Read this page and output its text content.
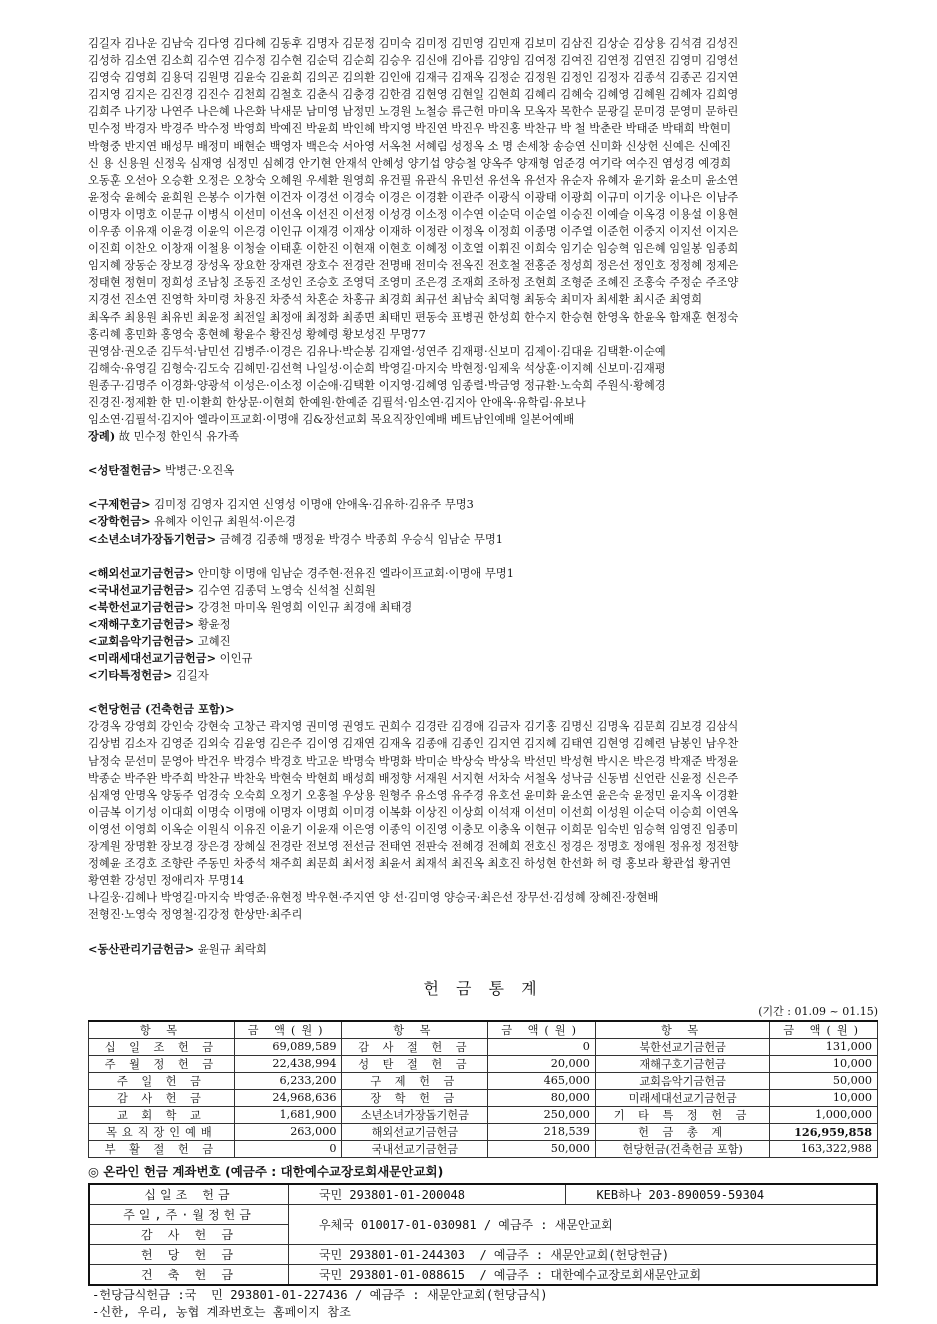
김길자 김나운 김남숙 김다영 김다혜 김동후 김명자 김문정 김미숙 김미정 김민영 김민재 김보미 김삼진 김상순 김상용 김석겸 김성진

김성하 김소연 김소희 김수연 김수정 김수현 김순덕 김순희 김승우 김신애 김아름 김양임 김여정 김여진 김연정 김연진 김영미 김영선

김영숙 김영희 김용덕 김원명 김윤숙 김윤희 김의곤 김의환 김인애 김재극 김재옥 김정순 김정원 김정인 김정자 김종석 김종곤 김지연

김지영 김지은 김진경 김진수 김천희 김철호 김춘식 김충경 김한겸 김현영 김현일 김현희 김혜리 김혜숙 김혜영 김혜원 김혜자 김희영

김희주 나기장 나연주 나은혜 나은화 낙새문 남미영 남정민 노경원 노철승 류근헌 마미옥 모옥자 목한수 문광길 문미경 문영미 문하린

민수정 박경자 박경주 박수정 박영희 박예진 박윤희 박인혜 박지영 박진연 박진우 박진홍 박찬규 박 철 박춘란 박태준 박태희 박현미

박형중 반지연 배성무 배정미 배현순 백영자 백은숙 서아영 서옥천 서혜림 성정옥 소 명 손세창 송승연 신미화 신상헌 신예은 신예진

신 용 신용원 신정욱 심재영 심정민 심혜경 안기현 안재석 안혜성 양기섭 양승철 양옥주 양재형 엄준경 여기락 여수진 염성경 예경희

오동훈 오선아 오승환 오정은 오창숙 오혜원 우세환 원영희 유건필 유관식 유민선 유선옥 유선자 유순자 유혜자 윤기화 윤소미 윤소연

윤정숙 윤혜숙 윤희원 은봉수 이가현 이건자 이경선 이경숙 이경은 이경환 이관주 이광식 이광태 이광희 이규미 이기웅 이나은 이남주

이명자 이명호 이문규 이병식 이선미 이선옥 이선진 이선정 이성경 이소정 이수연 이순덕 이순열 이승진 이예슬 이옥경 이용설 이용현

이우종 이유재 이윤경 이윤익 이은경 이인규 이재경 이재상 이재하 이정란 이정옥 이정희 이종명 이주열 이준헌 이중지 이지선 이지은

이진희 이찬오 이창재 이철용 이청술 이태훈 이한진 이현재 이현호 이혜정 이호열 이휘진 이희숙 임기순 임승혁 임은혜 임일봉 임종희

임지혜 장동순 장보경 장성옥 장요한 장재련 장호수 전경란 전명배 전미숙 전옥진 전호철 전홍준 정성희 정은선 정인호 정정혜 정제은

정태현 정현미 정희성 조남칭 조동진 조성인 조승호 조영덕 조영미 조은경 조재희 조하정 조현희 조형준 조혜진 조홍숙 주정순 주조양

지경선 진소연 진영학 차미령 차용진 차중석 차혼순 차홍규 최경희 최규선 최남숙 최덕형 최동숙 최미자 최세환 최시준 최영희

최옥주 최용원 최유빈 최윤정 최전일 최정애 최정화 최종면 최태민 편동숙 표병권 한성희 한수지 한승현 한영옥 한윤옥 함재훈 현정숙

홍리혜 홍민화 홍영숙 홍현혜 황윤수 황진성 황혜령 황보성진 무명77

권영삼·권오준 김두석·남민선 김병주·이경은 김유나·박순봉 김재열·성연주 김재평·신보미 김제이·김대윤 김택환·이순예

김해숙·유영길 김형숙·김도숙 김혜민·김선혁 나일성·이순희 박영길·마지숙 박현정·임제욱 석상훈·이지혜 신보미·김재평

원종구·김명주 이경화·양광석 이성은·이소정 이순애·김택환 이지영·김혜영 임종렬·박금영 정규환·노숙희 주원식·황혜경

진경진·정제환 한 민·이환희 한상문·이현희 한예원·한예준 김필석·임소연·김지아 안애옥·유학림·유보나

임소연·김필석·김지아 엘라이프교회·이명애 김&장선교회 목요직장인예배 베트남인예배 일본어예배

장례) 故 민수정 한인식 유가족

<성탄절헌금> 박병근·오진옥

<구제헌금> 김미정 김영자 김지연 신영성 이명애 안애옥·김유하·김유주 무명3

<장학헌금> 유혜자 이인규 최원석·이은경

<소년소녀가장돕기헌금> 금혜경 김종해 맹정윤 박경수 박종희 우승식 임남순 무명1

<해외선교기금헌금> 안미향 이명애 임남순 경주현·전유진 엘라이프교회·이명애 무명1

<국내선교기금헌금> 김수연 김종덕 노영숙 신석철 신희원

<북한선교기금헌금> 강경천 마미옥 원영희 이인규 최경애 최태경

<재해구호기금헌금> 황윤정

<교회음악기금헌금> 고혜진

<미래세대선교기금헌금> 이인규

<기타특정헌금> 김길자

<헌당헌금 (건축헌금 포함)>

강경옥 강영희 강인숙 강현숙 고창근 곽지영 권미영 권영도 권희수 김경란 김경애 김금자 김기홍 김명신 김명옥 김문희 김보경 김삼식

김상범 김소자 김영준 김외숙 김윤영 김은주 김이영 김재연 김재옥 김종애 김종인 김지연 김지혜 김태연 김현영 김혜련 남봉인 남우찬

남정숙 문선미 문영아 박건우 박경수 박경호 박고운 박명숙 박명화 박미순 박상숙 박상욱 박선민 박성현 박시온 박은경 박재준 박정윤

박종순 박주완 박주희 박찬규 박찬욱 박현숙 박현희 배성희 배정향 서재원 서지현 서차숙 서철옥 성낙금 신동범 신언란 신윤정 신은주

심재영 안명옥 양동주 엄경숙 오숙희 오정기 오홍철 우상용 원형주 유소영 유주경 유호선 윤미화 윤소연 윤은숙 윤정민 윤지옥 이경환

이금복 이기성 이대희 이명숙 이명애 이명자 이명희 이미경 이복화 이상진 이상희 이석재 이선미 이선희 이성원 이순덕 이승희 이연옥

이영선 이영희 이옥순 이원식 이유진 이윤기 이윤재 이은영 이종익 이진영 이충모 이충옥 이현규 이희문 임숙빈 임승혁 임영진 임종미

장계원 장명환 장보경 장은경 장혜실 전경란 전보영 전선금 전태연 전판숙 전혜경 전혜희 전호신 정경은 정명호 정애원 정유정 정전향

정혜윤 조경호 조향란 주동민 차중석 채주희 최문희 최서정 최윤서 최재석 최진옥 최호진 하성현 한선화 허 령 홍보라 황관섭 황귀연

황연환 강성민 정애리자 무명14

나길웅·김혜나 박영길·마지숙 박영준·유현정 박우현·주지연 양 선·김미영 양승국·최은선 장무선·김성혜 장혜진·장현배

전형진·노영숙 정영철·김강정 한상만·최주리

<동산관리기금헌금> 윤원규 최락희

헌 금 통 계
(기간 : 01.09 ~ 01.15)
항 목	금 액(원)	항 목	금 액(원)	항 목	금 액(원)
십 일 조 헌 금	69,089,589	감 사 절 헌 금	0	북한선교기금헌금	131,000
주 월 정 헌 금	22,438,994	성 탄 절 헌 금	20,000	재해구호기금헌금	10,000
주 일 헌 금	6,233,200	구 제 헌 금	465,000	교회음악기금헌금	50,000
감 사 헌 금	24,968,636	장 학 헌 금	80,000	미래세대선교기금헌금	10,000
교 회 학 교	1,681,900	소년소녀가장돕기헌금	250,000	기 타 특 정 헌 금	1,000,000
목요직장인예배	263,000	해외선교기금헌금	218,539	헌 금 총 계	126,959,858
부 활 절 헌 금	0	국내선교기금헌금	50,000	헌당헌금(건축헌금 포함)	163,322,988
◎ 온라인 헌금 계좌번호 (예금주 : 대한예수교장로회새문안교회)
십일조 헌금	국민 293801-01-200048	KEB하나 203-890059-59304
주일,주·월정헌금	우체국 010017-01-030981 / 예금주 : 새문안교회	
감 사 헌 금		
헌 당 헌 금	국민 293801-01-244303  / 예금주 : 새문안교회(헌당헌금)	
건 축 헌 금	국민 293801-01-088615  / 예금주 : 대한예수교장로회새문안교회	
-헌당금식헌금 :국  민 293801-01-227436 / 예금주 : 새문안교회(헌당금식)
-신한, 우리, 농협 계좌번호는 홈페이지 참조
